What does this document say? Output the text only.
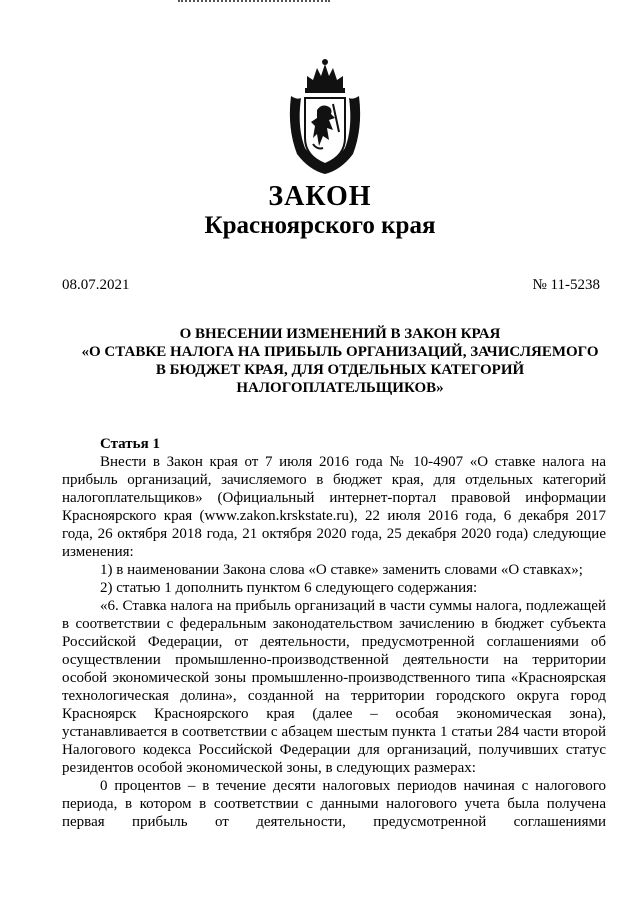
ЗАКОН
Красноярского края
08.07.2021	№ 11-5238
О ВНЕСЕНИИ ИЗМЕНЕНИЙ В ЗАКОН КРАЯ
«О СТАВКЕ НАЛОГА НА ПРИБЫЛЬ ОРГАНИЗАЦИЙ, ЗАЧИСЛЯЕМОГО
В БЮДЖЕТ КРАЯ, ДЛЯ ОТДЕЛЬНЫХ КАТЕГОРИЙ
НАЛОГОПЛАТЕЛЬЩИКОВ»

Статья 1

Внести в Закон края от 7 июля 2016 года № 10-4907 «О ставке налога на прибыль организаций, зачисляемого в бюджет края, для отдельных категорий налогоплательщиков» (Официальный интернет-портал правовой информации Красноярского края (www.zakon.krskstate.ru), 22 июля 2016 года, 6 декабря 2017 года, 26 октября 2018 года, 21 октября 2020 года, 25 декабря 2020 года) следующие изменения:

1) в наименовании Закона слова «О ставке» заменить словами «О ставках»;

2) статью 1 дополнить пунктом 6 следующего содержания:

«6. Ставка налога на прибыль организаций в части суммы налога, подлежащей в соответствии с федеральным законодательством зачислению в бюджет субъекта Российской Федерации, от деятельности, предусмотренной соглашениями об осуществлении промышленно-производственной деятельности на территории особой экономической зоны промышленно-производственного типа «Красноярская технологическая долина», созданной на территории городского округа город Красноярск Красноярского края (далее – особая экономическая зона), устанавливается в соответствии с абзацем шестым пункта 1 статьи 284 части второй Налогового кодекса Российской Федерации для организаций, получивших статус резидентов особой экономической зоны, в следующих размерах:

0 процентов – в течение десяти налоговых периодов начиная с налогового периода, в котором в соответствии с данными налогового учета была получена первая прибыль от деятельности, предусмотренной соглашениями
